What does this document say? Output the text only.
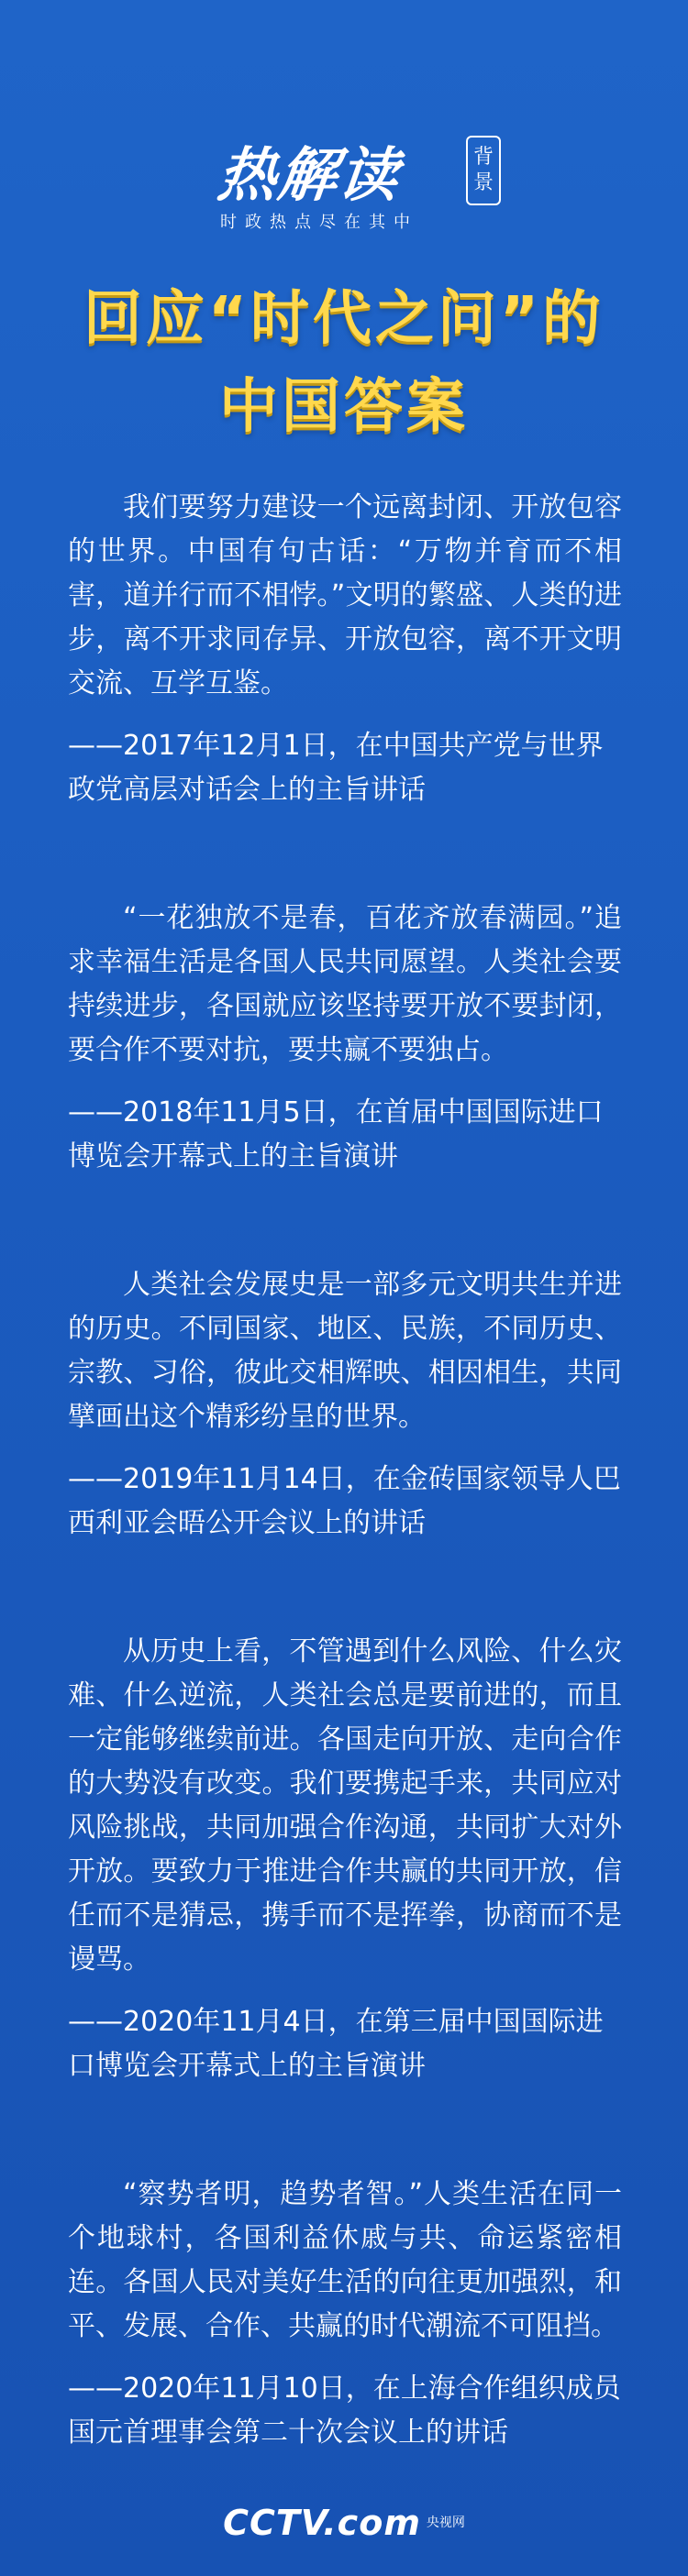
热解读	背
景
时政热点尽在其中
回应“时代之问”的
中国答案

我们要努力建设一个远离封闭、开放包容的世界。中国有句古话：“万物并育而不相害，道并行而不相悖。”文明的繁盛、人类的进步，离不开求同存异、开放包容，离不开文明交流、互学互鉴。

——2017年12月1日，在中国共产党与世界政党高层对话会上的主旨讲话

“一花独放不是春，百花齐放春满园。”追求幸福生活是各国人民共同愿望。人类社会要持续进步，各国就应该坚持要开放不要封闭，要合作不要对抗，要共赢不要独占。

——2018年11月5日，在首届中国国际进口博览会开幕式上的主旨演讲

人类社会发展史是一部多元文明共生并进的历史。不同国家、地区、民族，不同历史、宗教、习俗，彼此交相辉映、相因相生，共同擘画出这个精彩纷呈的世界。

——2019年11月14日，在金砖国家领导人巴西利亚会晤公开会议上的讲话

从历史上看，不管遇到什么风险、什么灾难、什么逆流，人类社会总是要前进的，而且一定能够继续前进。各国走向开放、走向合作的大势没有改变。我们要携起手来，共同应对风险挑战，共同加强合作沟通，共同扩大对外开放。要致力于推进合作共赢的共同开放，信任而不是猜忌，携手而不是挥拳，协商而不是谩骂。

——2020年11月4日，在第三届中国国际进口博览会开幕式上的主旨演讲

“察势者明，趋势者智。”人类生活在同一个地球村，各国利益休戚与共、命运紧密相连。各国人民对美好生活的向往更加强烈，和平、发展、合作、共赢的时代潮流不可阻挡。

——2020年11月10日，在上海合作组织成员国元首理事会第二十次会议上的讲话

CCTV.com 央视网
